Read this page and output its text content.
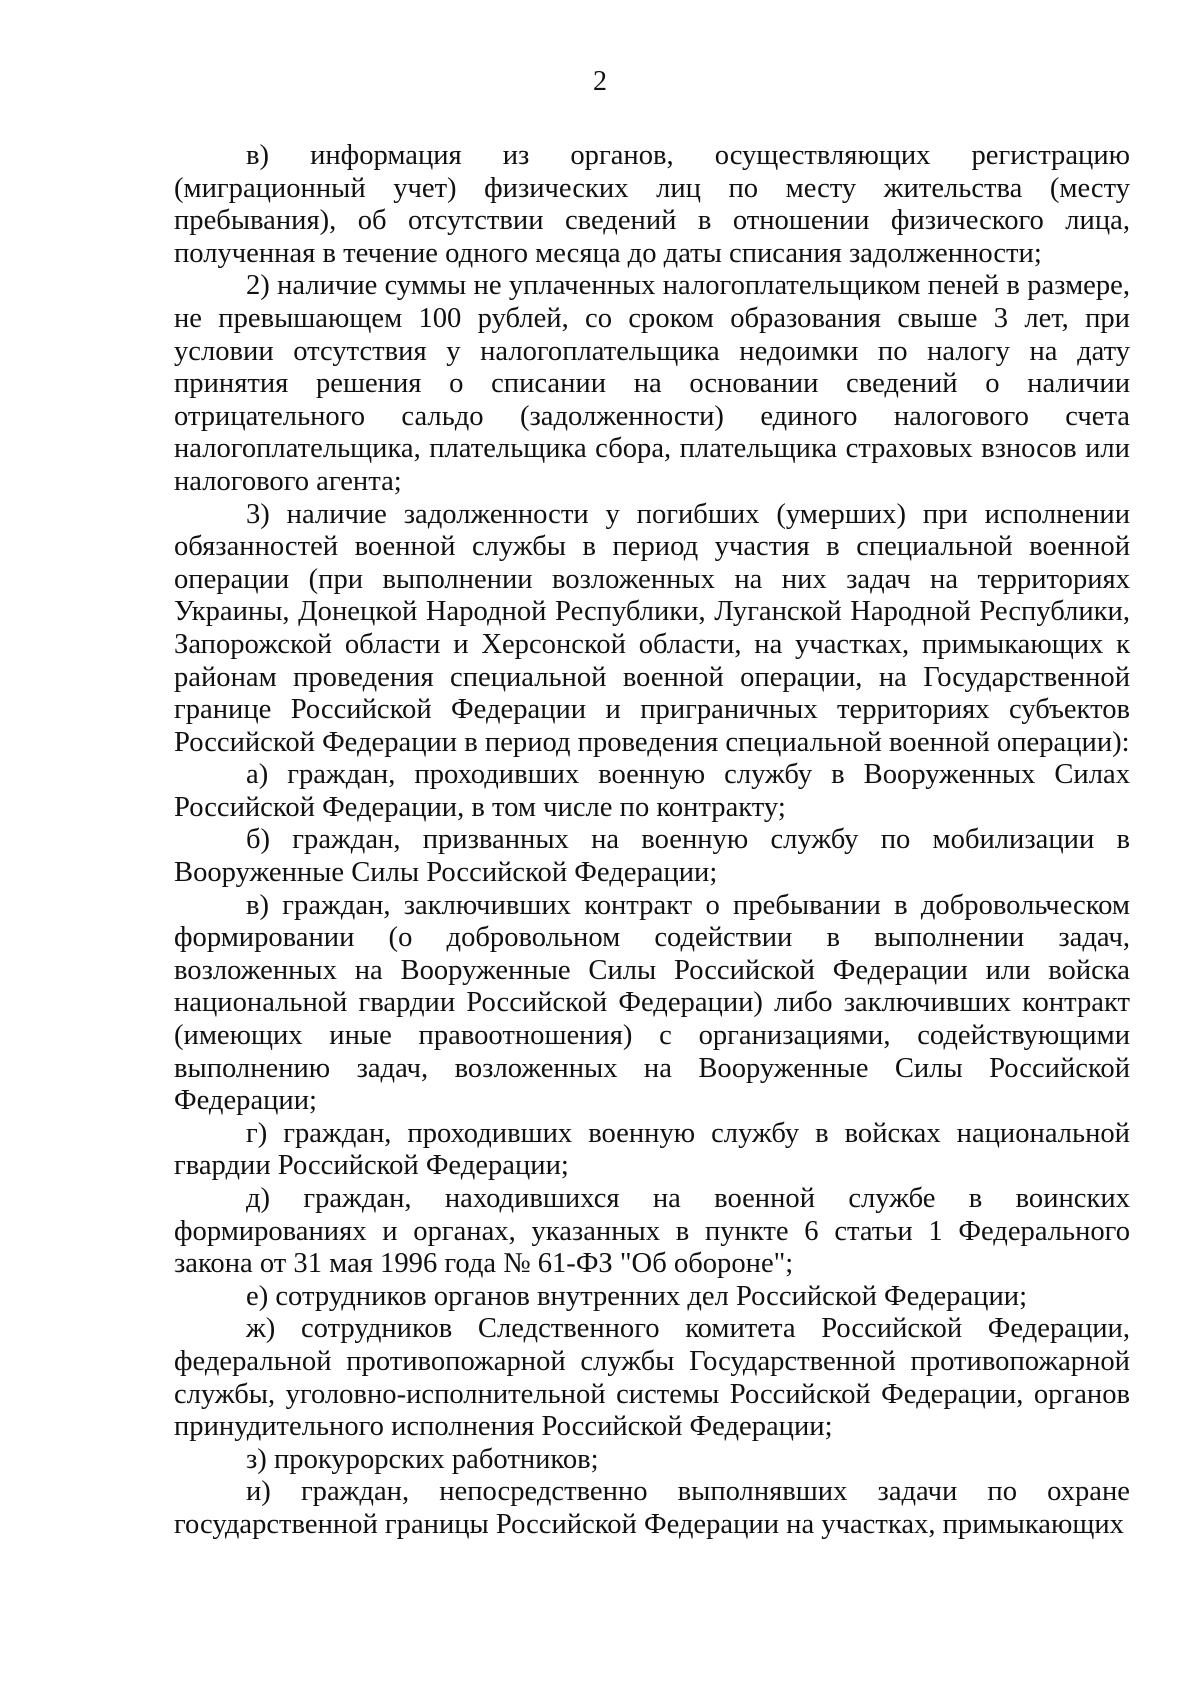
2

в) информация из органов, осуществляющих регистрацию (миграционный учет) физических лиц по месту жительства (месту пребывания), об отсутствии сведений в отношении физического лица, полученная в течение одного месяца до даты списания задолженности;

2) наличие суммы не уплаченных налогоплательщиком пеней в размере, не превышающем 100 рублей, со сроком образования свыше 3 лет, при условии отсутствия у налогоплательщика недоимки по налогу на дату принятия решения о списании на основании сведений о наличии отрицательного сальдо (задолженности) единого налогового счета налогоплательщика, плательщика сбора, плательщика страховых взносов или налогового агента;

3) наличие задолженности у погибших (умерших) при исполнении обязанностей военной службы в период участия в специальной военной операции (при выполнении возложенных на них задач на территориях Украины, Донецкой Народной Республики, Луганской Народной Республики, Запорожской области и Херсонской области, на участках, примыкающих к районам проведения специальной военной операции, на Государственной границе Российской Федерации и приграничных территориях субъектов Российской Федерации в период проведения специальной военной операции):

а) граждан, проходивших военную службу в Вооруженных Силах Российской Федерации, в том числе по контракту;

б) граждан, призванных на военную службу по мобилизации в Вооруженные Силы Российской Федерации;

в) граждан, заключивших контракт о пребывании в добровольческом формировании (о добровольном содействии в выполнении задач, возложенных на Вооруженные Силы Российской Федерации или войска национальной гвардии Российской Федерации) либо заключивших контракт (имеющих иные правоотношения) с организациями, содействующими выполнению задач, возложенных на Вооруженные Силы Российской Федерации;

г) граждан, проходивших военную службу в войсках национальной гвардии Российской Федерации;

д) граждан, находившихся на военной службе в воинских формированиях и органах, указанных в пункте 6 статьи 1 Федерального закона от 31 мая 1996 года № 61-ФЗ "Об обороне";

е) сотрудников органов внутренних дел Российской Федерации;

ж) сотрудников Следственного комитета Российской Федерации, федеральной противопожарной службы Государственной противопожарной службы, уголовно-исполнительной системы Российской Федерации, органов принудительного исполнения Российской Федерации;

з) прокурорских работников;

и) граждан, непосредственно выполнявших задачи по охране государственной границы Российской Федерации на участках, примыкающих
